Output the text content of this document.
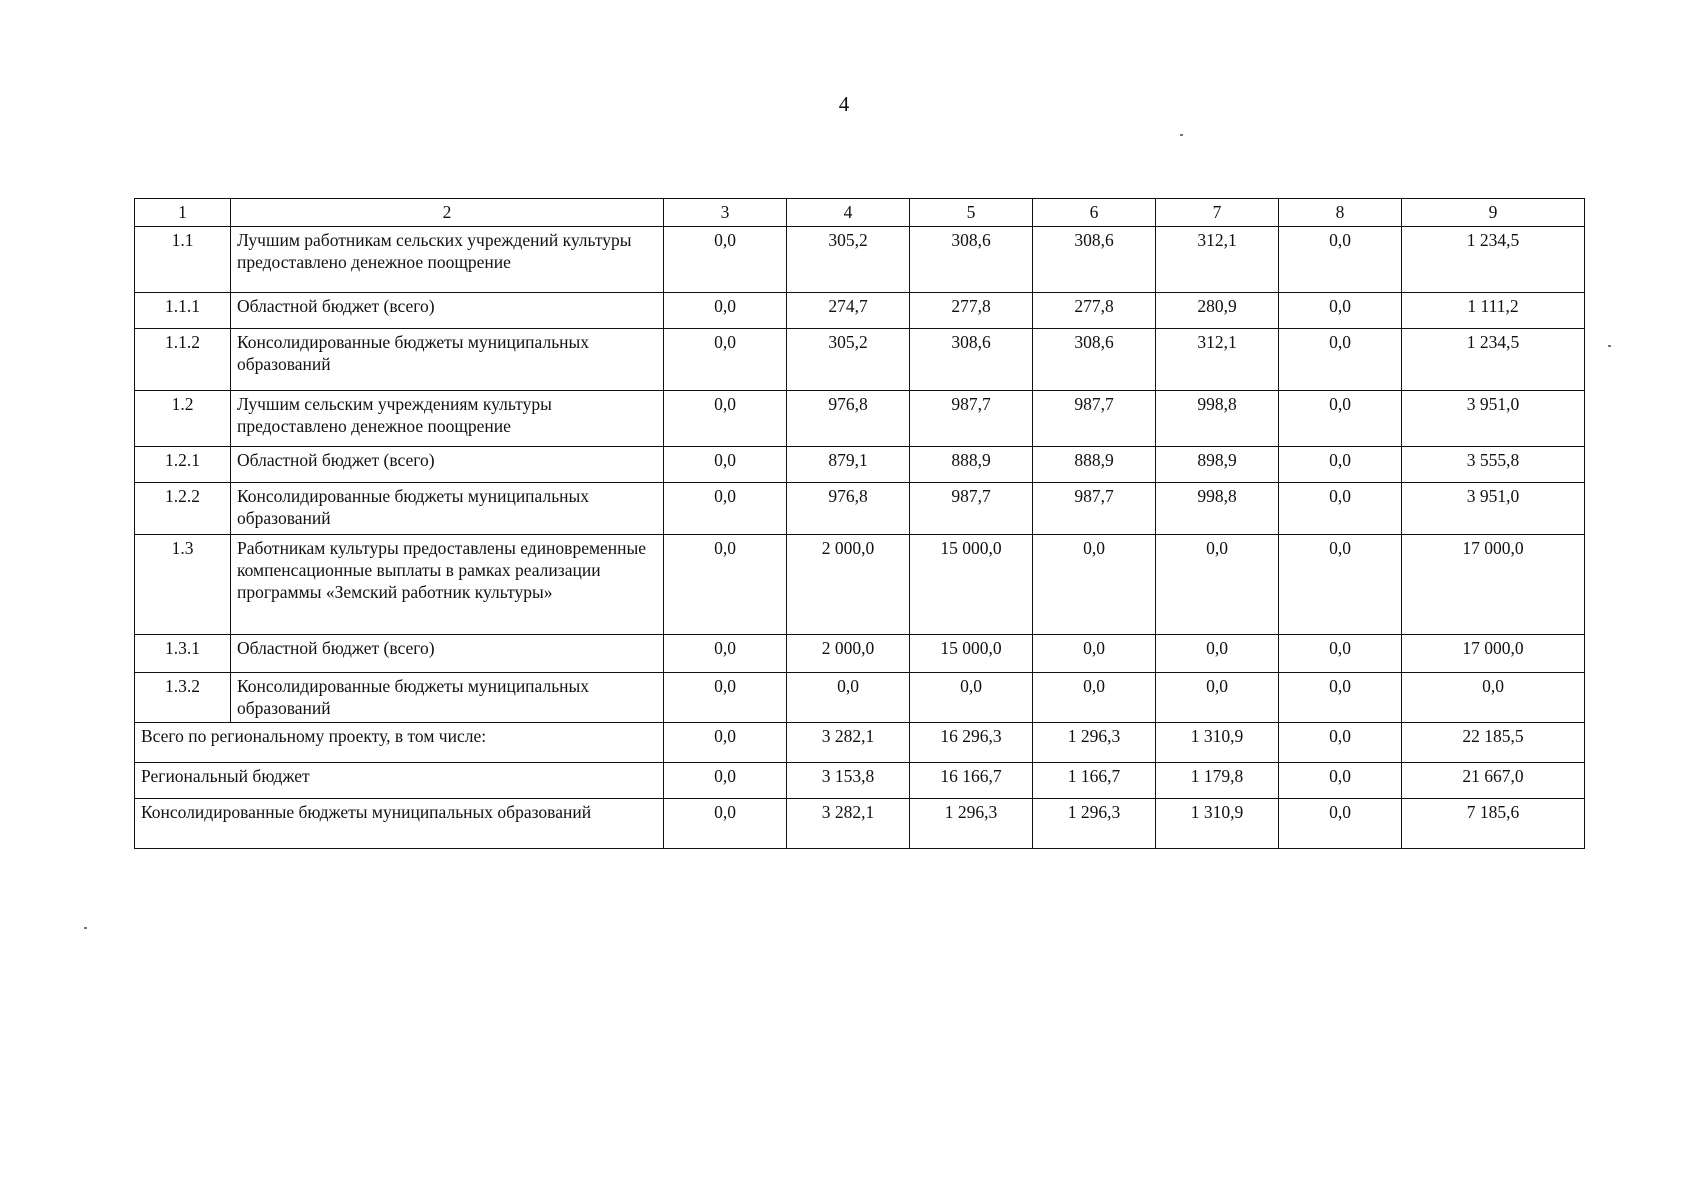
4
1	2	3	4	5	6	7	8	9
1.1	Лучшим работникам сельских учреждений культуры предоставлено денежное поощрение	0,0	305,2	308,6	308,6	312,1	0,0	1 234,5
1.1.1	Областной бюджет (всего)	0,0	274,7	277,8	277,8	280,9	0,0	1 111,2
1.1.2	Консолидированные бюджеты муниципальных образований	0,0	305,2	308,6	308,6	312,1	0,0	1 234,5
1.2	Лучшим сельским учреждениям культуры предоставлено денежное поощрение	0,0	976,8	987,7	987,7	998,8	0,0	3 951,0
1.2.1	Областной бюджет (всего)	0,0	879,1	888,9	888,9	898,9	0,0	3 555,8
1.2.2	Консолидированные бюджеты муниципальных образований	0,0	976,8	987,7	987,7	998,8	0,0	3 951,0
1.3	Работникам культуры предоставлены единовременные компенсационные выплаты в рамках реализации программы «Земский работник культуры»	0,0	2 000,0	15 000,0	0,0	0,0	0,0	17 000,0
1.3.1	Областной бюджет (всего)	0,0	2 000,0	15 000,0	0,0	0,0	0,0	17 000,0
1.3.2	Консолидированные бюджеты муниципальных образований	0,0	0,0	0,0	0,0	0,0	0,0	0,0
Всего по региональному проекту, в том числе:		0,0	3 282,1	16 296,3	1 296,3	1 310,9	0,0	22 185,5
Региональный бюджет		0,0	3 153,8	16 166,7	1 166,7	1 179,8	0,0	21 667,0
Консолидированные бюджеты муниципальных образований		0,0	3 282,1	1 296,3	1 296,3	1 310,9	0,0	7 185,6
